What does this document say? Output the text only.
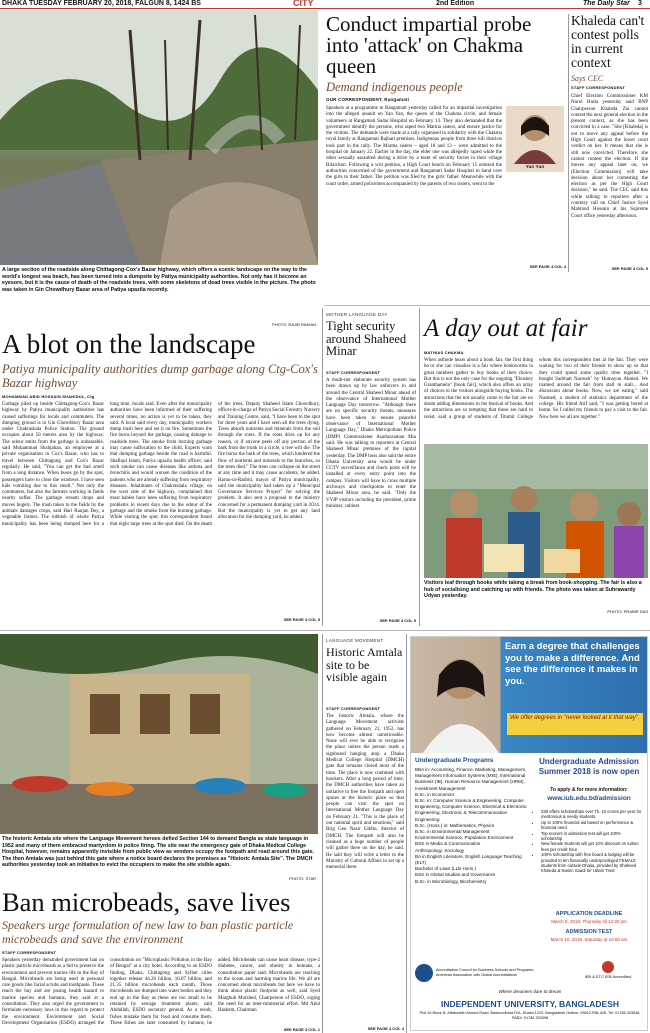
DHAKA TUESDAY FEBRUARY 20, 2018, FALGUN 8, 1424 BS	CITY	2nd Edition	The Daily Star 3
A large section of the roadside along Chittagong-Cox's Bazar highway, which offers a scenic landscape on the way to the world's longest sea beach, has been turned into a dumpsite by Patiya municipality authorities. Not only has it become an eyesore, but it is the cause of death of the roadside trees, with some skeletons of dead trees visible in the picture. The photo was taken in Gin Chowdhury Bazar area of Patiya upazila recently.
PHOTO: RAJIB RAIHAN
Conduct impartial probe into 'attack' on Chakma queen
Demand indigenous people
OUR CORRESPONDENT, Rangamati
Yan Yan
Speakers at a programme in Rangamati yesterday called for an impartial investigation into the alleged assault on Yan Yan, the queen of the Chakma circle, and female volunteers at Rangamati Sadar Hospital on February 13. They also demanded that the government identify the persons, who raped two Marma sisters, and ensure justice for the victims. The demands were made at a rally organised in solidarity with the Chakma royal family at Rangamati Rajbari premises. Indigenous people from three hill districts took part in the rally. The Marma sisters – aged 18 and 13 – were admitted to the hospital on January 22. Earlier in the day, the elder one was allegedly raped while the other sexually assaulted during a drive by a team of security forces in their village Bilaichari. Following a writ petition, a High Court bench on February 15 ordered the authorities concerned of the government and Rangamati Sadar Hospital to hand over the girls to their father. The petition was filed by the girls' father. Meanwhile with the court order, armed policemen accompanied by the parents of two sisters, went to the
SEE PAGE 4 COL 4
Khaleda can't contest polls in current context
Says CEC
STAFF CORRESPONDENT
Chief Election Commissioner KM Nurul Huda yesterday said BNP Chairperson Khaleda Zia cannot contest the next general election in the present context, as she has been convicted in a case. "She [Khaleda] is not to move any appeal before the High Court against the lower court verdict on her. It means that she is still now convicted. Therefore, she cannot contest the election. If she moves any appeal later on, we [Election Commission] will take decision about her contesting the election as per the High Court decision," he said. The CEC said this while talking to reporters after a courtesy call on Chief Justice Syed Mahmud Hossain at his Supreme Court office yesterday afternoon.
SEE PAGE 4 COL 5
A blot on the landscape
Patiya municipality authorities dump garbage along Ctg-Cox's Bazar highway
MOHAMMAD ABID HOSSAIN SHAHIDUL, Ctg
Garbage piled up beside Chittagong-Cox's Bazar highway by Patiya municipality authorities has caused sufferings for locals and commuters. The dumping ground is in Gin Chowdhury Bazar area under Chakrashala Police Station. The ground occupies about 50 metres area by the highway. The odour emits from the garbage is unbearable, said Mohammad Shahjahan, an employee at a private organisation in Cox's Bazar, who has to travel between Chittagong and Cox's Bazar regularly. He said, "You can get the bad smell from a long distance. When buses go by the spot, passengers have to close the windows. I have seen kids vomiting due to this smell." Not only the commuters, but also the farmers working in fields nearby suffer. The garbage stream drops and moves hugely. The trash taken to the fields by the animals damages crops, said Hari Ranjan Dey, a vegetable farmer. The rubbish of whole Patiya municipality has been being dumped here for a long time, locals said. Even after the municipality authorities have been informed of their suffering several times, no action is yet to be taken, they said. A local said every day, municipality workers dump trash here and set it on fire. Sometimes the fire burns beyond the garbage, causing damage to roadside trees. The smoke from burning garbage may cause suffocation to the child. Experts warn that dumping garbage beside the road is harmful. Shafiqul Islam, Patiya upazila health officer, said such smoke can cause diseases like asthma and bronchitis and would worsen the condition of the patients who are already suffering from respiratory diseases. Inhabitants of Chakrashala village, on the west side of the highway, complained that most babies have been suffering from respiratory problems in recent days due to the odour of the garbage and the smoke from the burning garbage. While visiting the spot, this correspondent found that eight large trees at the spot died. On the death of the trees, Deputy Shaheed Islam Chowdhury, officer-in-charge of Patiya Social Forestry Nursery and Training Centre, said, "I have been to the spot for three years and I have seen all the trees dying. Trees absorb nutrients and minerals from the soil through the roots. If the roots dries up for any reason, or if anyone peels off any portion of the bark from the trunk in a circle, a tree will die. The fire burns the bark of the trees, which hindered the flow of nutrients and minerals to the branches, so the trees died." The trees can collapse on the street at any time and it may cause accidents, he added. Harun-ur-Rashid, mayor of Patiya municipality, said the municipality had taken up a "Municipal Governance Services Project" for solving the problem. It also sent a proposal to the ministry concerned for a permanent dumping yard in 2014. But the municipality is yet to get any land allocation for the dumping yard, he added.
SEE PAGE 4 COL 5
MOTHER LANGUAGE DAY
Tight security around Shaheed Minar
STAFF CORRESPONDENT
A multi-tier elaborate security system has been drawn up by law enforcers in and around the Central Shaheed Minar ahead of the observance of International Mother Language Day tomorrow. "Although there are no specific security threats, measures have been taken to ensure peaceful observance of International Mother Language Day," Dhaka Metropolitan Police (DMP) Commissioner Asaduzzaman Mia said. He was talking to reporters at Central Shaheed Minar premises of the capital yesterday. The DMP boss also said the entire Dhaka University area would be under CCTV surveillance and check posts will be installed at every entry point into the campus. Visitors will have to cross multiple archways and checkpoints to enter the Shaheed Minar area, he said. "Only the VVIP visitors including the president, prime minister, cabinet
SEE PAGE 4 COL 5
A day out at fair
MATHIAS CHAKMA
When asthode hears about a book fair, the first thing he or she can visualise is a fair where bookworms in great numbers gather to buy books of their choice. But this is not the only case for the ongoing "Ekushey Granthamela" [book fair], which also offers an array of choices to the visitors alongside buying books. The attractions that the not usually come to the fair are no doubt adding dimensions to the festival of books. And the attractions are so tempting that those are hard to resist, said a group of students of Titumir College whom this correspondent met at the fair. They were waiting for two of their friends to show up so that they could spend some quality time together. "I bought Sadrhatt Narreah" by Humayun Ahmed. We roamed around the fair from stall to stall... And discussion about books. Now, we are eating," said Nasmed, a student of statistics department of the college. His friend Arif said, "I was getting bored at home. So I called my friends to pay a visit to the fair. Now here we all are together."
Visitors leaf through books while taking a break from book-shopping. The fair is also a hub of socialising and catching up with friends. The photo was taken at Suhrawardy Udyan yesterday.
PHOTO: PRABIR DAS
The historic Amtala site where the Language Movement heroes defied Section 144 to demand Bangla as state language in 1952 and many of them embraced martyrdom in police firing. The site near the emergency gate of Dhaka Medical College Hospital, however, remains apparently invisible from public view as vendors occupy the footpath and road around this gate. The then Amtala was just behind this gate where a notice board declares the premises as "Historic Amtala Site". The DMCH authorities yesterday took an initiative to evict the occupiers to make the site visible again.
PHOTO: STAR
LANGUAGE MOVEMENT
Historic Amtala site to be visible again
STAFF CORRESPONDENT
The historic Amtala, where the Language Movement activists gathered on February 21, 1952, has now become almost unnoticeable. None will ever be able to recognise the place unless the person reads a signboard hanging atop a Dhaka Medical College Hospital (DMCH) gate that remains closed most of the time. The place is now crammed with hawkers. After a long period of time, the DMCH authorities have taken an initiative to free the footpath and open spaces at the historic place so that people can visit the spot on International Mother Language Day on February 21. "This is the place of our national spirit and emotions," said Brig Gen Nasir Uddin, director of DMCH. The footpath will also be cleaned as a huge number of people will gather there on the day, he said. He said they will write a letter to the Ministry of Cultural Affairs to set up a memorial there.
SEE PAGE 4 COL 4
Ban microbeads, save lives
Speakers urge formulation of new law to ban plastic particle microbeads and save the environment
STAFF CORRESPONDENT
Speakers yesterday demanded government ban on plastic particle microbeads as a bid to preserve the environment and prevent marine life to the Bay of Bengal. Microbeads are being used in personal care goods like facial scrubs and toothpaste. These reach the bay and are posing health hazard to marine species and humans, they said at a consultation. They also urged the government to formulate necessary laws in this regard to protect the environment. Environment and Social Development Organisation (ESDO) arranged the consultation on "Microplastic Pollution in the Bay of Bengal" at a city hotel. According to an ESDO finding, Dhaka, Chittagong and Sylhet cities together release 44.26 billion, 16.07 billion, and 21.35 billion microbeads each month. Those microbeads are dumped into water bodies and they end up in the Bay as these are too small to be retained by sewage treatment plants, said Abdullah, ESDO secretary general. As a result, fishes mistake them for food and consume them. These fishes are later consumed by humans, he added. Microbeads can cause heart disease, type-2 diabetes, cancer, and obesity in humans, a consultation paper said. Microbeads are reaching to the ocean and harming marine life. We all are concerned about microbeads but here we have to think about plastic footprint as well, said Syed Marghub Murshed, Chairperson of ESDO, urging the need for an inter-ministerial effort. Md Abul Hashem, Chairman
SEE PAGE 4 COL 1
Earn a degree that challenges you to make a difference. And see the difference it makes in you.
We offer degrees in "never looked at it that way".
Undergraduate Programs
BBA in: Accounting, Finance, Marketing, Management, Management Information Systems (MIS), International Business (IB), Human Resource Management (HRM), Investment Management
B.Sc. in Economics
B.Sc. in: Computer Science & Engineering, Computer Engineering, Computer Science, Electrical & Electronic Engineering, Electronic & Telecommunication Engineering
B.Sc. (Hons.) in: Mathematics, Physics
B.Sc. in Environmental Management
Environmental Science, Population Environment
BSS in Media & Communication
Anthropology, Sociology
BA in English Literature, English Language Teaching (ELT)
Bachelor of Laws (LLB Hons.)
BSS in Global Studies and Governance
B.Sc. in Microbiology, Biochemistry
Undergraduate Admission Summer 2018 is now open
To apply & for more information:
www.iub.edu.bd/admission
• 338 offers scholarships over Tk. 10 crores per year for meritorious & needy students.
• Up to 100% financial aid based on performance & financial need
• Top scorers in admission test will get 100% scholarship
• New female students will get 10% discount on tuition fees per credit hour
• 100% scholarship with free board & lodging will be provided to ten financially underprivileged FEMALE students from outside Dhaka, provided by Shaheed Khaleda & Nasrin Saadi Sir Uttam Trust
APPLICATION DEADLINE
March 8, 2018, Thursday till 12:30 pm
ADMISSION TEST
March 10, 2018, Saturday at 10:00 am
Accreditation Council for Business Schools and Programs; American Association with Global Accreditations	IEB & ETC IEB Accredited
Where dreamers dare to dream
INDEPENDENT UNIVERSITY, BANGLADESH
Plot 16 Block B, Aftabuddin Ahmed Road, Bashundhara R/A, Dhaka 1229, Bangladesh Hotline: 09612-RIB-IUB, Tel: 01788 333548, PABX: 01788 333598
